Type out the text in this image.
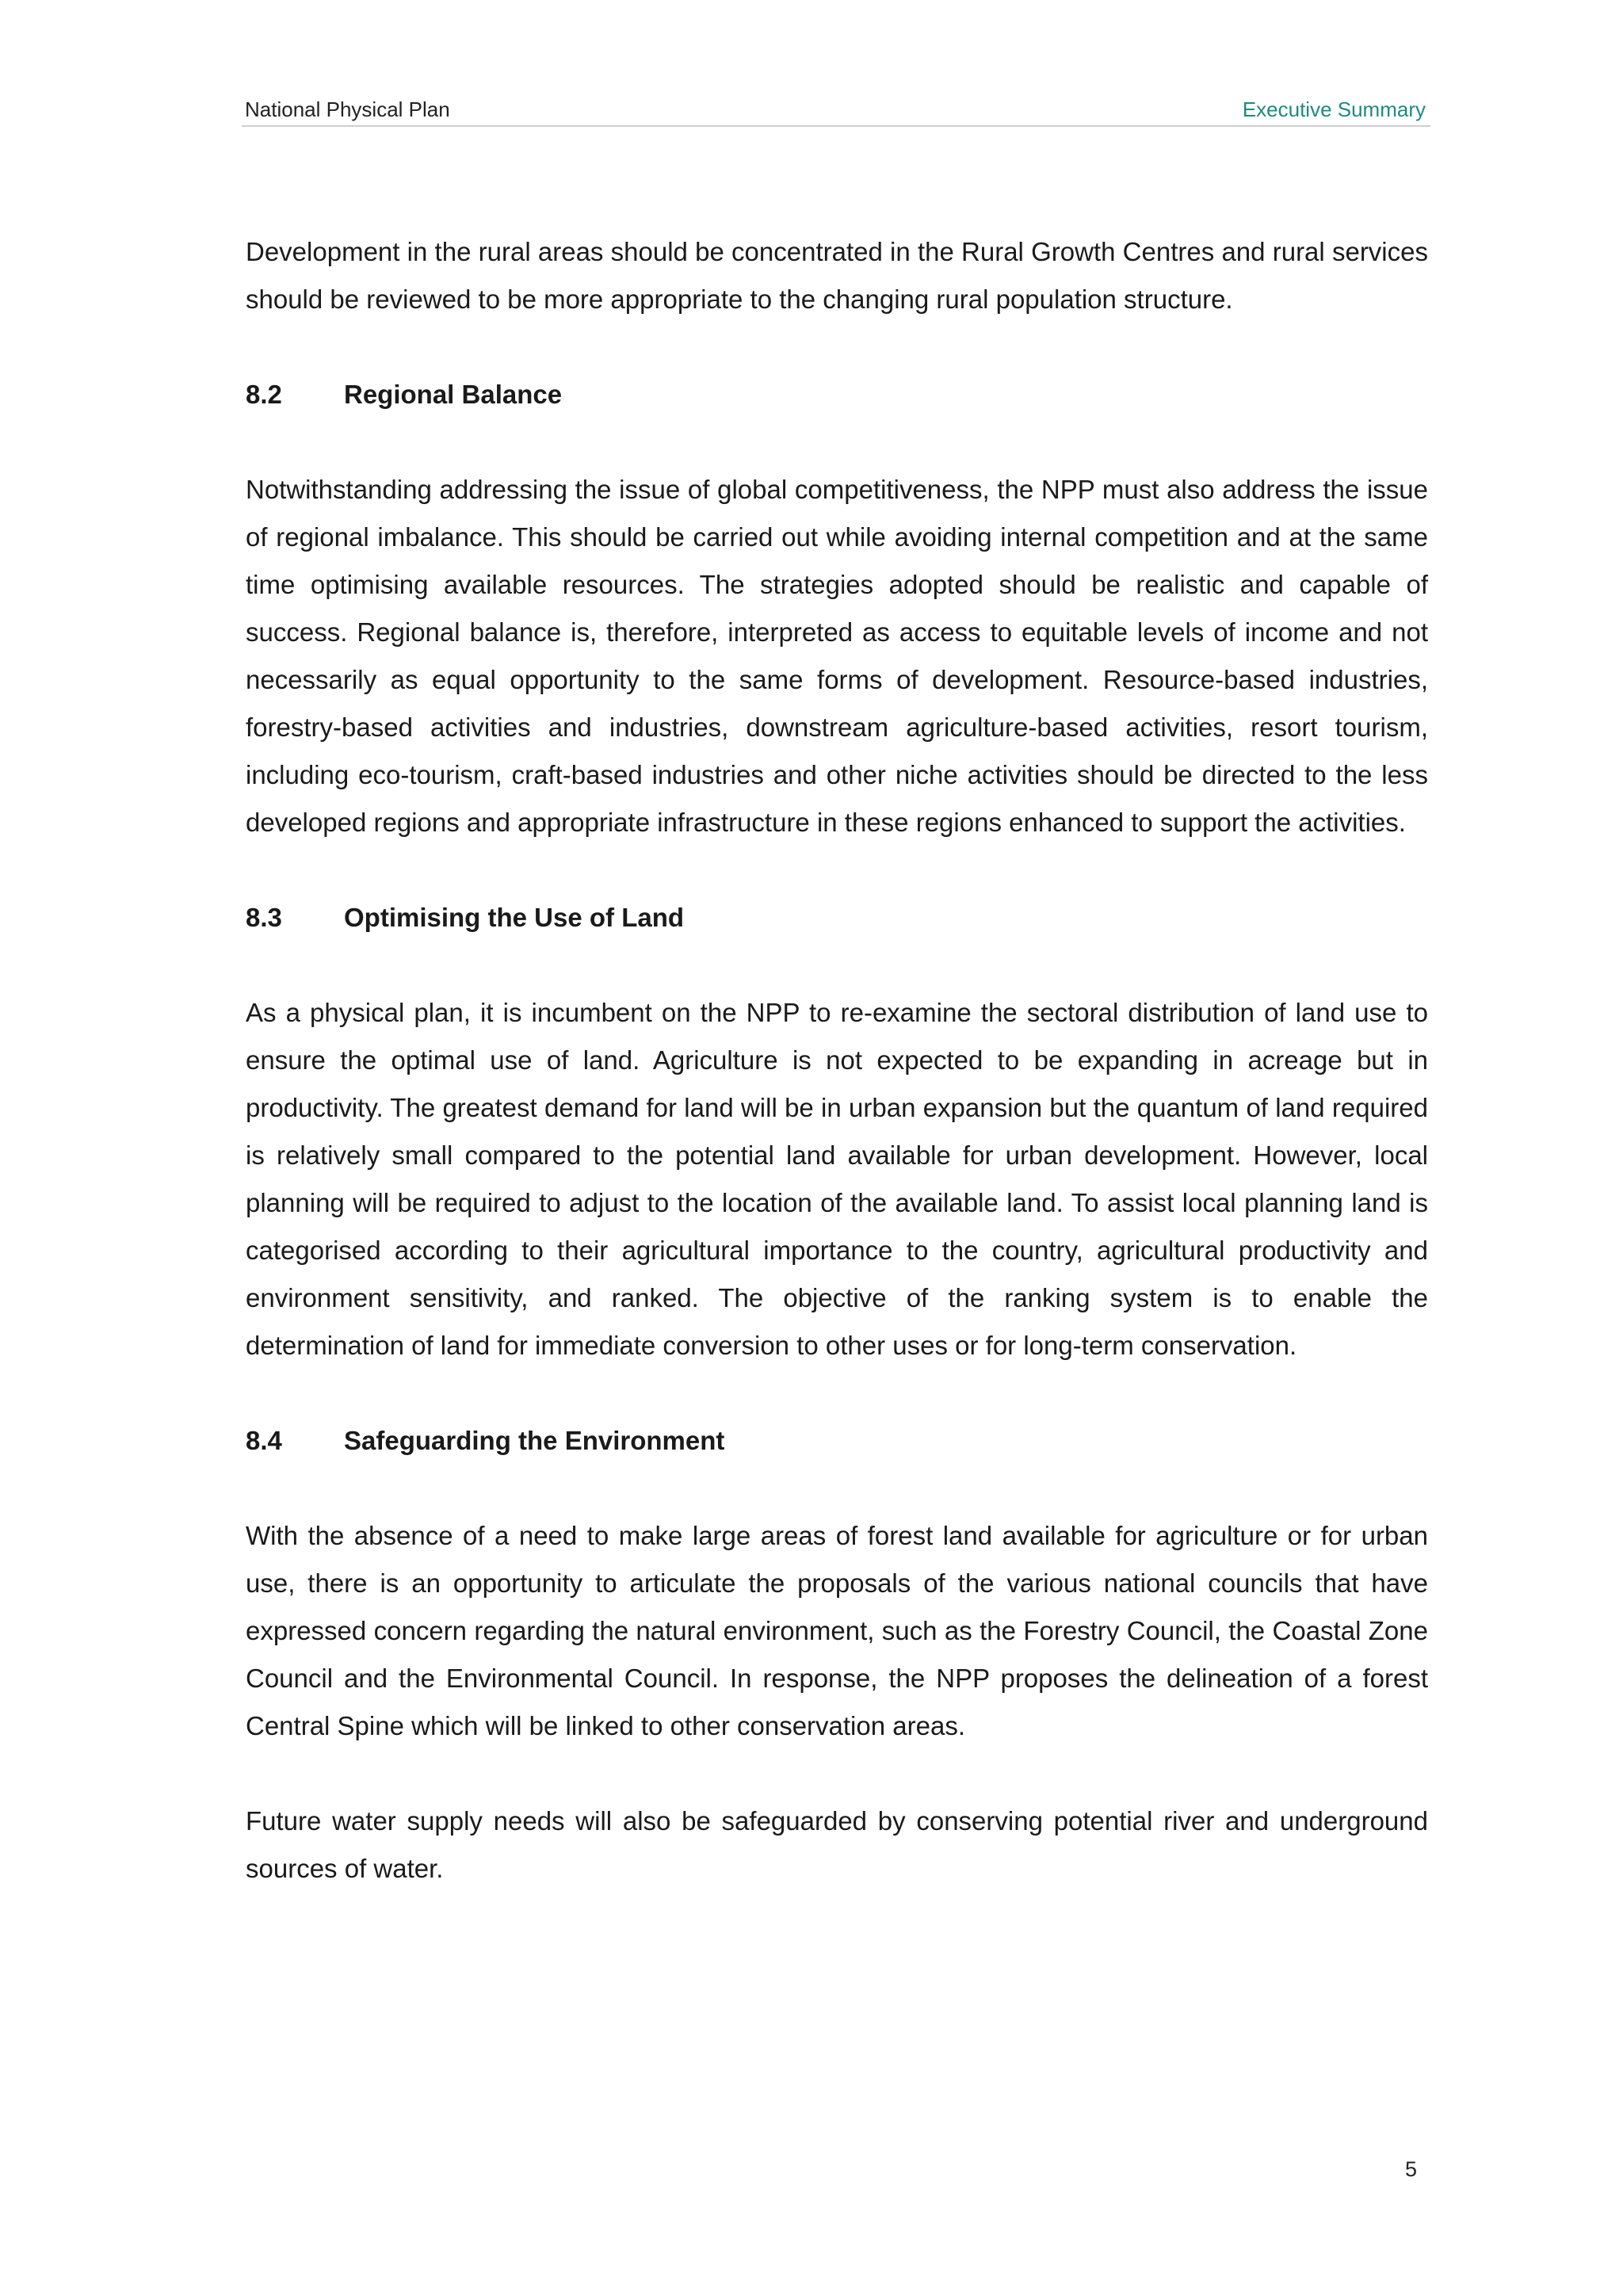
National Physical Plan	Executive Summary

Development in the rural areas should be concentrated in the Rural Growth Centres and rural services should be reviewed to be more appropriate to the changing rural population structure.

8.2 Regional Balance

Notwithstanding addressing the issue of global competitiveness, the NPP must also address the issue of regional imbalance. This should be carried out while avoiding internal competition and at the same time optimising available resources. The strategies adopted should be realistic and capable of success. Regional balance is, therefore, interpreted as access to equitable levels of income and not necessarily as equal opportunity to the same forms of development. Resource-based industries, forestry-based activities and industries, downstream agriculture-based activities, resort tourism, including eco-tourism, craft-based industries and other niche activities should be directed to the less developed regions and appropriate infrastructure in these regions enhanced to support the activities.

8.3 Optimising the Use of Land

As a physical plan, it is incumbent on the NPP to re-examine the sectoral distribution of land use to ensure the optimal use of land. Agriculture is not expected to be expanding in acreage but in productivity. The greatest demand for land will be in urban expansion but the quantum of land required is relatively small compared to the potential land available for urban development. However, local planning will be required to adjust to the location of the available land. To assist local planning land is categorised according to their agricultural importance to the country, agricultural productivity and environment sensitivity, and ranked. The objective of the ranking system is to enable the determination of land for immediate conversion to other uses or for long-term conservation.

8.4 Safeguarding the Environment

With the absence of a need to make large areas of forest land available for agriculture or for urban use, there is an opportunity to articulate the proposals of the various national councils that have expressed concern regarding the natural environment, such as the Forestry Council, the Coastal Zone Council and the Environmental Council. In response, the NPP proposes the delineation of a forest Central Spine which will be linked to other conservation areas.

Future water supply needs will also be safeguarded by conserving potential river and underground sources of water.

5
